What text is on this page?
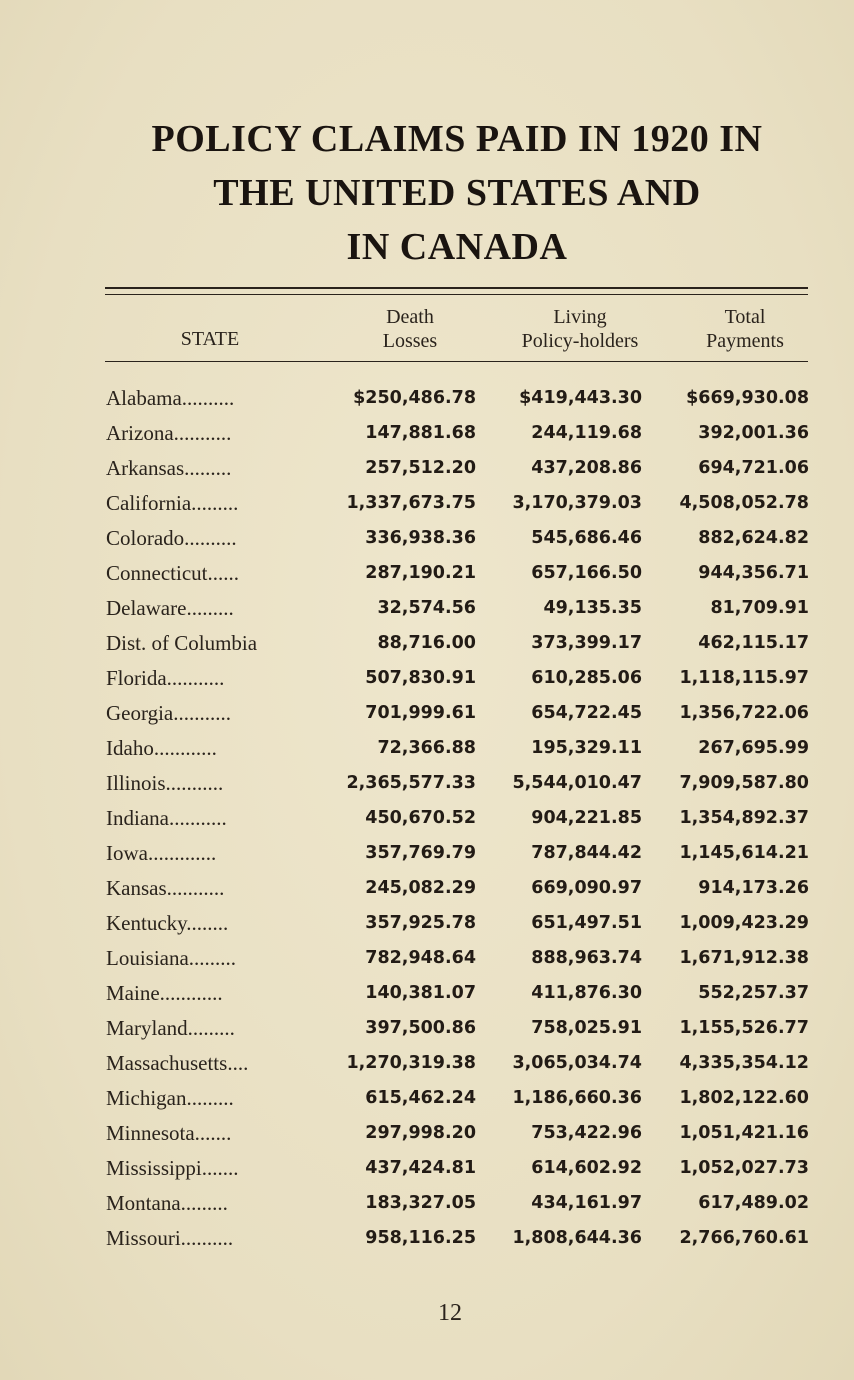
POLICY CLAIMS PAID IN 1920 IN
THE UNITED STATES AND
IN CANADA
STATE
Death
Losses
Living
Policy-holders
Total
Payments
Alabama..........	$250,486.78 $419,443.30	$669,930.08
Arizona...........	147,881.68	244,119.68	392,001.36
Arkansas.........	257,512.20	437,208.86	694,721.06
California.........	1,337,673.75 3,170,379.03 4,508,052.78
Colorado..........	336,938.36	545,686.46	882,624.82
Connecticut......	287,190.21	657,166.50	944,356.71
Delaware.........	32,574.56	49,135.35	81,709.91
Dist. of Columbia	88,716.00	373,399.17	462,115.17
Florida...........	507,830.91	610,285.06 1,118,115.97
Georgia...........	701,999.61	654,722.45 1,356,722.06
Idaho............	72,366.88	195,329.11	267,695.99
Illinois...........	2,365,577.33 5,544,010.47 7,909,587.80
Indiana...........	450,670.52	904,221.85 1,354,892.37
Iowa.............	357,769.79	787,844.42 1,145,614.21
Kansas...........	245,082.29	669,090.97	914,173.26
Kentucky........	357,925.78	651,497.51 1,009,423.29
Louisiana.........	782,948.64	888,963.74 1,671,912.38
Maine............	140,381.07	411,876.30	552,257.37
Maryland.........	397,500.86	758,025.91 1,155,526.77
Massachusetts....	1,270,319.38 3,065,034.74 4,335,354.12
Michigan.........	615,462.24 1,186,660.36 1,802,122.60
Minnesota.......	297,998.20	753,422.96 1,051,421.16
Mississippi.......	437,424.81	614,602.92 1,052,027.73
Montana.........	183,327.05	434,161.97	617,489.02
Missouri..........	958,116.25 1,808,644.36 2,766,760.61
12
